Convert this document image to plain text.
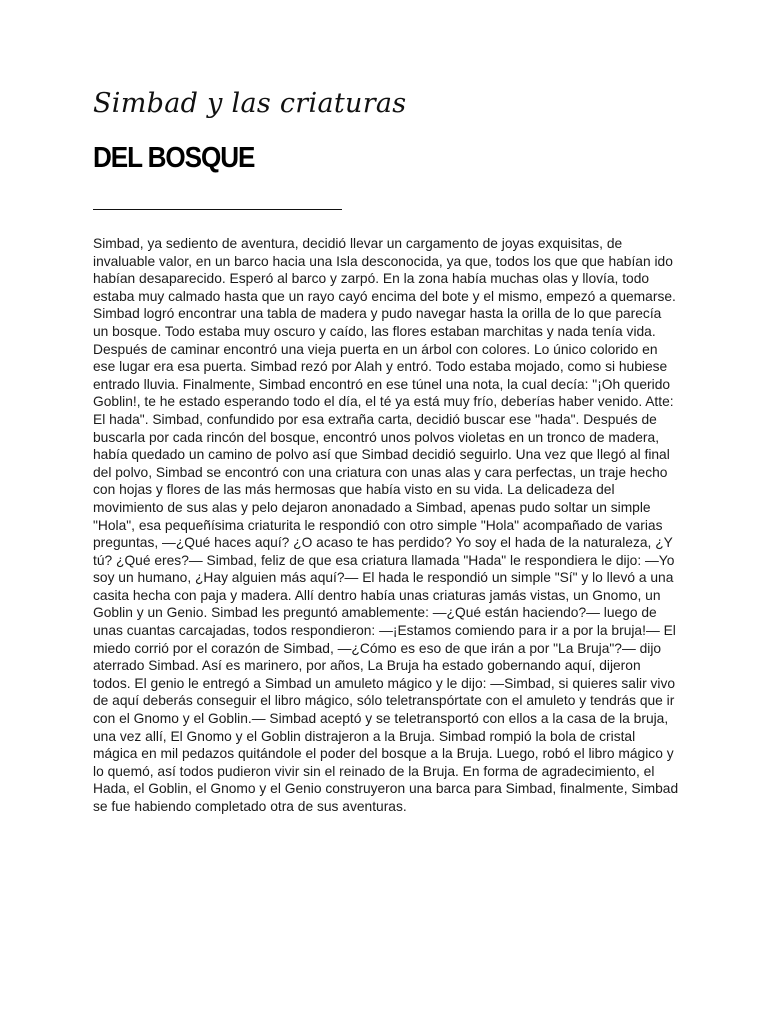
Simbad y las criaturas
DEL BOSQUE

Simbad, ya sediento de aventura, decidió llevar un cargamento de joyas exquisitas, de invaluable valor, en un barco hacia una Isla desconocida, ya que, todos los que que habían ido habían desaparecido. Esperó al barco y zarpó. En la zona había muchas olas y llovía, todo estaba muy calmado hasta que un rayo cayó encima del bote y el mismo, empezó a quemarse. Simbad logró encontrar una tabla de madera y pudo navegar hasta la orilla de lo que parecía un bosque. Todo estaba muy oscuro y caído, las flores estaban marchitas y nada tenía vida. Después de caminar encontró una vieja puerta en un árbol con colores. Lo único colorido en ese lugar era esa puerta. Simbad rezó por Alah y entró. Todo estaba mojado, como si hubiese entrado lluvia. Finalmente, Simbad encontró en ese túnel una nota, la cual decía: "¡Oh querido Goblin!, te he estado esperando todo el día, el té ya está muy frío, deberías haber venido. Atte: El hada". Simbad, confundido por esa extraña carta, decidió buscar ese "hada". Después de buscarla por cada rincón del bosque, encontró unos polvos violetas en un tronco de madera, había quedado un camino de polvo así que Simbad decidió seguirlo. Una vez que llegó al final del polvo, Simbad se encontró con una criatura con unas alas y cara perfectas, un traje hecho con hojas y flores de las más hermosas que había visto en su vida. La delicadeza del movimiento de sus alas y pelo dejaron anonadado a Simbad, apenas pudo soltar un simple "Hola", esa pequeñísima criaturita le respondió con otro simple "Hola" acompañado de varias preguntas, —¿Qué haces aquí? ¿O acaso te has perdido? Yo soy el hada de la naturaleza, ¿Y tú? ¿Qué eres?— Simbad, feliz de que esa criatura llamada "Hada" le respondiera le dijo: —Yo soy un humano, ¿Hay alguien más aquí?— El hada le respondió un simple "Sí" y lo llevó a una casita hecha con paja y madera. Allí dentro había unas criaturas jamás vistas, un Gnomo, un Goblin y un Genio. Simbad les preguntó amablemente: —¿Qué están haciendo?— luego de unas cuantas carcajadas, todos respondieron: —¡Estamos comiendo para ir a por la bruja!— El miedo corrió por el corazón de Simbad, —¿Cómo es eso de que irán a por "La Bruja"?— dijo aterrado Simbad. Así es marinero, por años, La Bruja ha estado gobernando aquí, dijeron todos. El genio le entregó a Simbad un amuleto mágico y le dijo: —Simbad, si quieres salir vivo de aquí deberás conseguir el libro mágico, sólo teletranspórtate con el amuleto y tendrás que ir con el Gnomo y el Goblin.— Simbad aceptó y se teletransportó con ellos a la casa de la bruja, una vez allí, El Gnomo y el Goblin distrajeron a la Bruja. Simbad rompió la bola de cristal mágica en mil pedazos quitándole el poder del bosque a la Bruja. Luego, robó el libro mágico y lo quemó, así todos pudieron vivir sin el reinado de la Bruja. En forma de agradecimiento, el Hada, el Goblin, el Gnomo y el Genio construyeron una barca para Simbad, finalmente, Simbad se fue habiendo completado otra de sus aventuras.
